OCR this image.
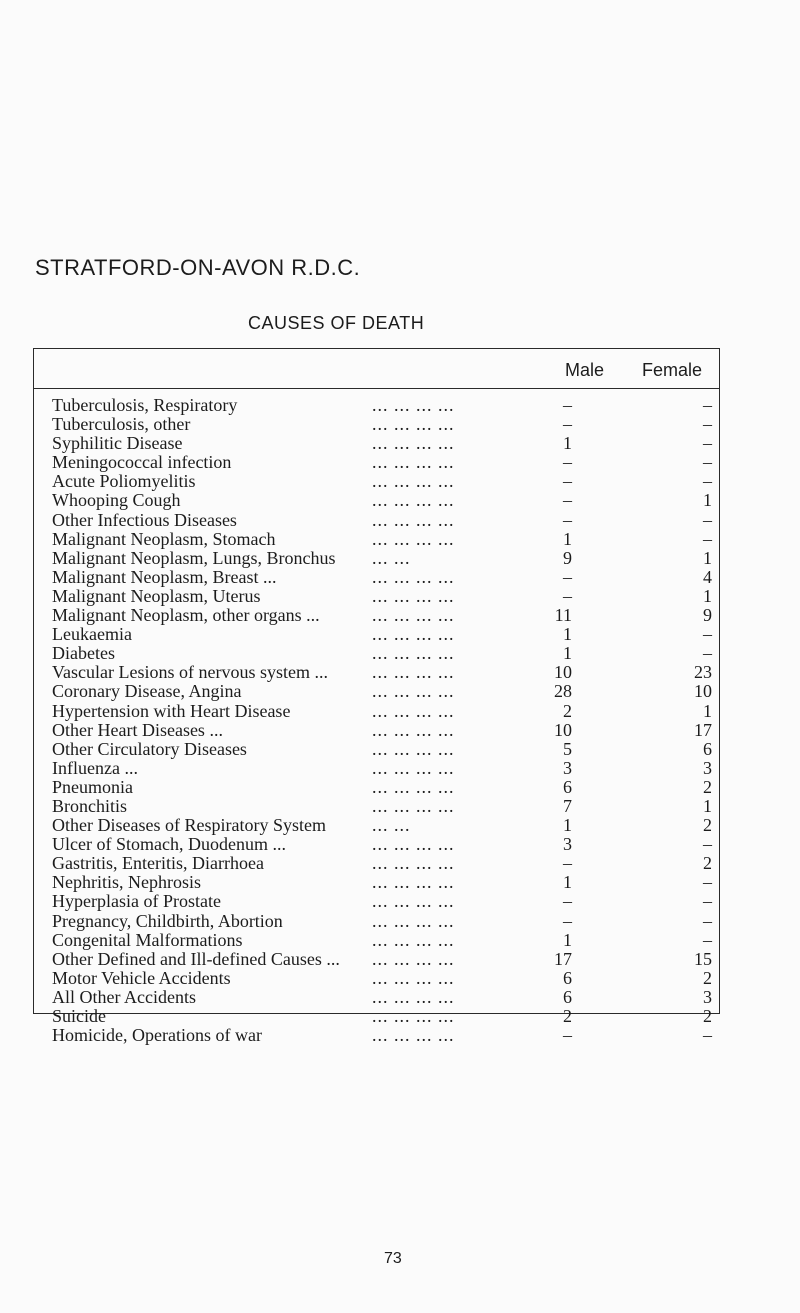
STRATFORD-ON-AVON R.D.C.
CAUSES OF DEATH
Male Female
Tuberculosis, Respiratory	... ... ... ...	–	–
Tuberculosis, other	... ... ... ...	–	–
Syphilitic Disease	... ... ... ...	1	–
Meningococcal infection	... ... ... ...	–	–
Acute Poliomyelitis	... ... ... ...	–	–
Whooping Cough	... ... ... ...	–	1
Other Infectious Diseases	... ... ... ...	–	–
Malignant Neoplasm, Stomach	... ... ... ...	1	–
Malignant Neoplasm, Lungs, Bronchus ... ...	9	1
Malignant Neoplasm, Breast ...	... ... ... ...	–	4
Malignant Neoplasm, Uterus	... ... ... ...	–	1
Malignant Neoplasm, other organs ...	... ... ... ...	11	9
Leukaemia	... ... ... ...	1	–
Diabetes	... ... ... ...	1	–
Vascular Lesions of nervous system ... ... ... ... ...	10	23
Coronary Disease, Angina	... ... ... ...	28	10
Hypertension with Heart Disease	... ... ... ...	2	1
Other Heart Diseases ...	... ... ... ...	10	17
Other Circulatory Diseases	... ... ... ...	5	6
Influenza ...	... ... ... ...	3	3
Pneumonia	... ... ... ...	6	2
Bronchitis	... ... ... ...	7	1
Other Diseases of Respiratory System	... ...	1	2
Ulcer of Stomach, Duodenum ...	... ... ... ...	3	–
Gastritis, Enteritis, Diarrhoea	... ... ... ...	–	2
Nephritis, Nephrosis	... ... ... ...	1	–
Hyperplasia of Prostate	... ... ... ...	–	–
Pregnancy, Childbirth, Abortion	... ... ... ...	–	–
Congenital Malformations	... ... ... ...	1	–
Other Defined and Ill-defined Causes ... ... ... ... ...	17	15
Motor Vehicle Accidents	... ... ... ...	6	2
All Other Accidents	... ... ... ...	6	3
Suicide	... ... ... ...	2	2
Homicide, Operations of war	... ... ... ...	–	–
73
